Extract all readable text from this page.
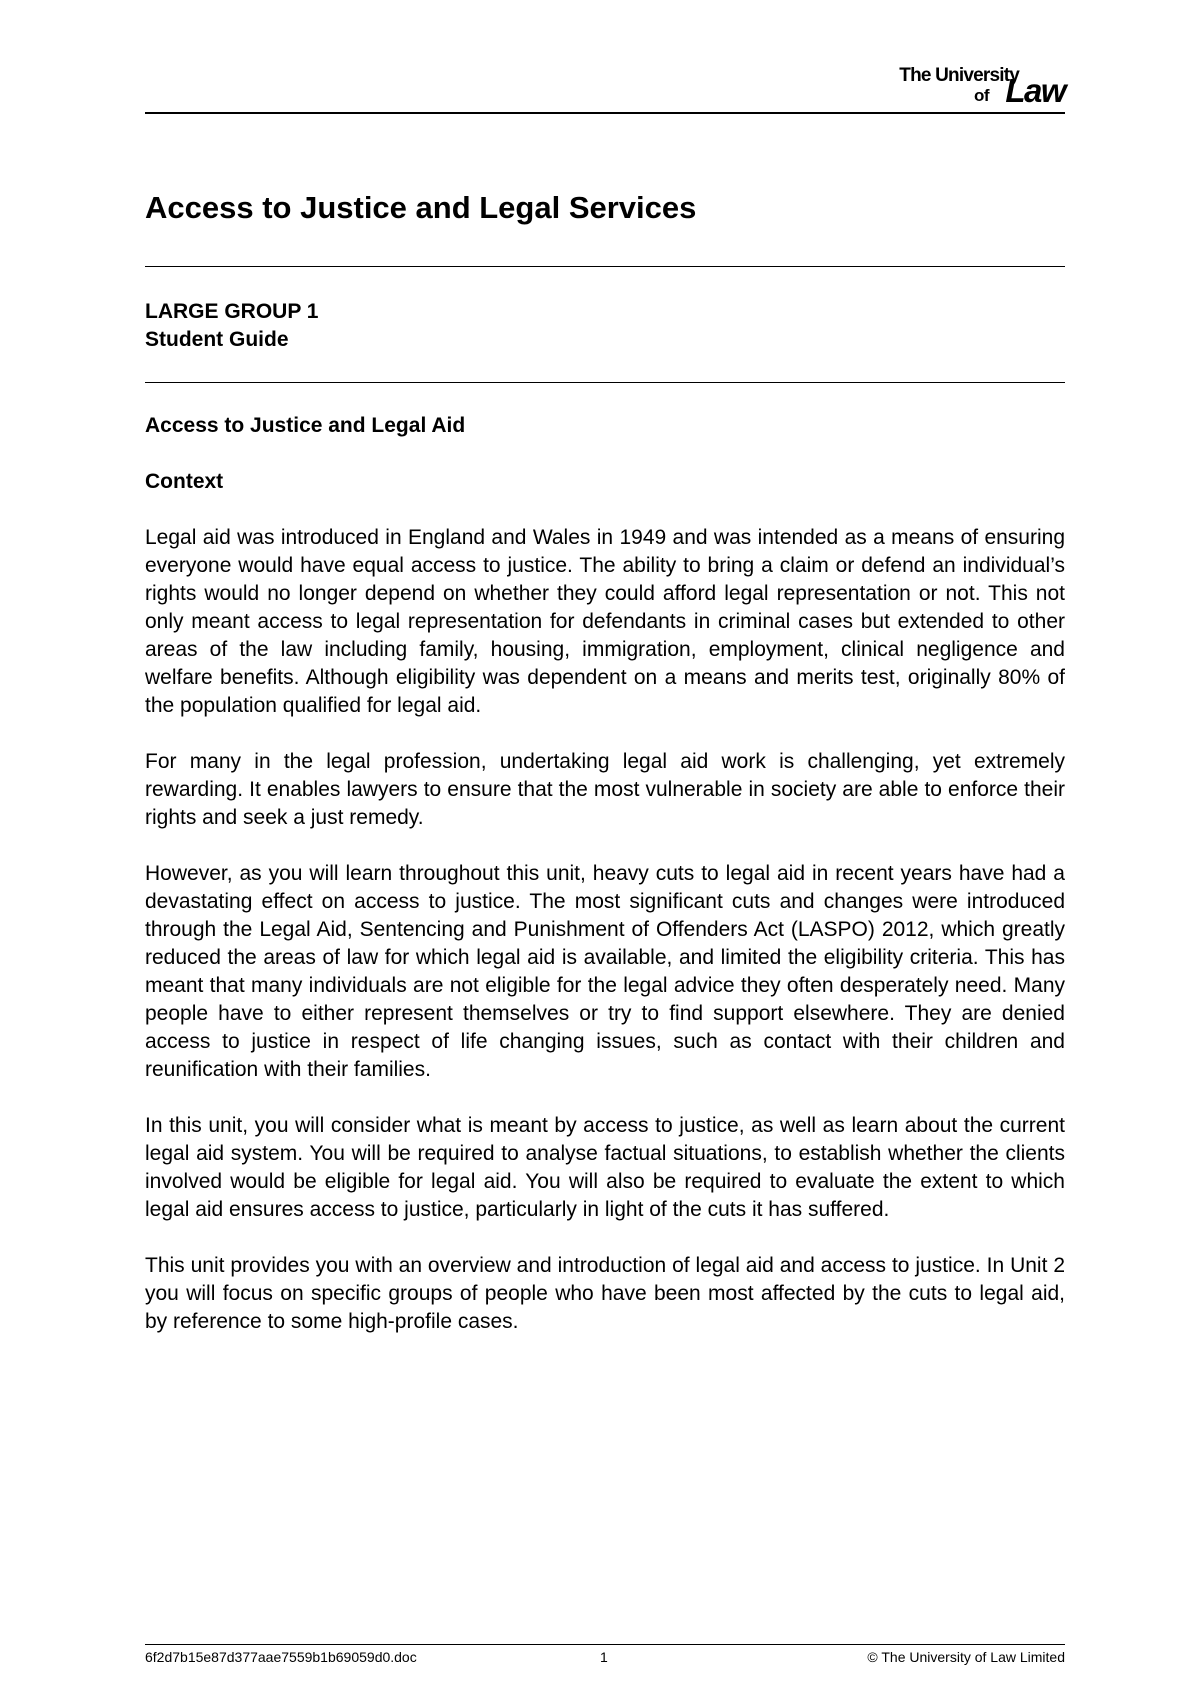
The University
of Law
Access to Justice and Legal Services
LARGE GROUP 1
Student Guide
Access to Justice and Legal Aid
Context

Legal aid was introduced in England and Wales in 1949 and was intended as a means of ensuring everyone would have equal access to justice. The ability to bring a claim or defend an individual’s rights would no longer depend on whether they could afford legal representation or not. This not only meant access to legal representation for defendants in criminal cases but extended to other areas of the law including family, housing, immigration, employment, clinical negligence and welfare benefits. Although eligibility was dependent on a means and merits test, originally 80% of the population qualified for legal aid.

For many in the legal profession, undertaking legal aid work is challenging, yet extremely rewarding. It enables lawyers to ensure that the most vulnerable in society are able to enforce their rights and seek a just remedy.

However, as you will learn throughout this unit, heavy cuts to legal aid in recent years have had a devastating effect on access to justice. The most significant cuts and changes were introduced through the Legal Aid, Sentencing and Punishment of Offenders Act (LASPO) 2012, which greatly reduced the areas of law for which legal aid is available, and limited the eligibility criteria. This has meant that many individuals are not eligible for the legal advice they often desperately need. Many people have to either represent themselves or try to find support elsewhere. They are denied access to justice in respect of life changing issues, such as contact with their children and reunification with their families.

In this unit, you will consider what is meant by access to justice, as well as learn about the current legal aid system. You will be required to analyse factual situations, to establish whether the clients involved would be eligible for legal aid. You will also be required to evaluate the extent to which legal aid ensures access to justice, particularly in light of the cuts it has suffered.

This unit provides you with an overview and introduction of legal aid and access to justice. In Unit 2 you will focus on specific groups of people who have been most affected by the cuts to legal aid, by reference to some high-profile cases.

6f2d7b15e87d377aae7559b1b69059d0.doc	1	© The University of Law Limited
